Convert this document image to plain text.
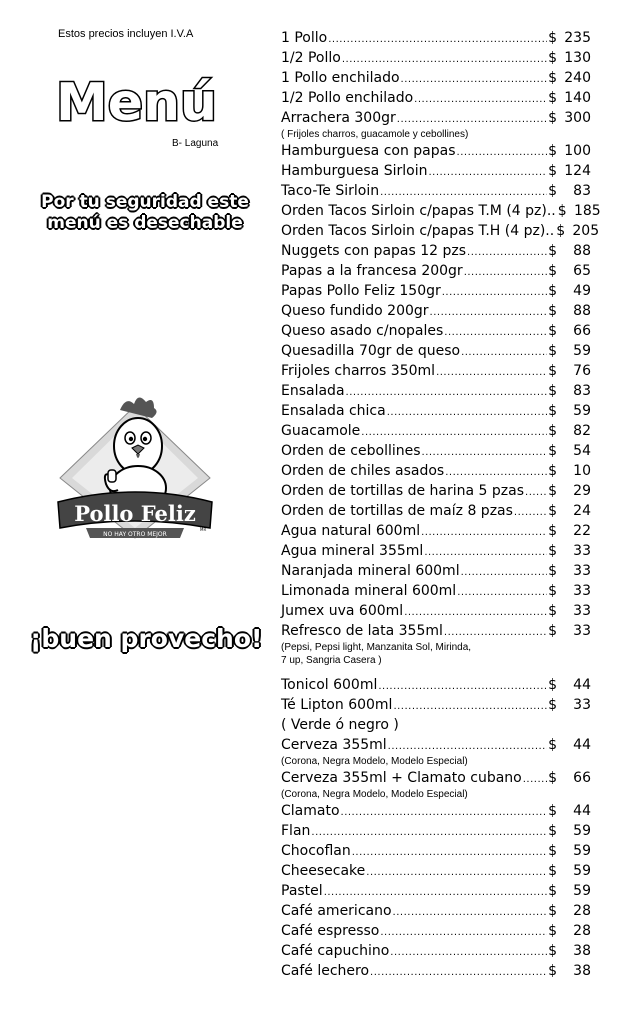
Estos precios incluyen I.V.A
Menú
B- Laguna
Por tu seguridad este
menú es desechable
Pollo Feliz
MR
NO HAY OTRO MEJOR
¡buen provecho!
1 Pollo .....	$ 235
1/2 Pollo .....	$ 130
1 Pollo enchilado .....	$ 240
1/2 Pollo enchilado .....	$ 140
Arrachera 300gr .....	$ 300
( Frijoles charros, guacamole y cebollines)
Hamburguesa con papas .....	$ 100
Hamburguesa Sirloin .....	$ 124
Taco-Te Sirloin .....	$	83
Orden Tacos Sirloin c/papas T.M (4 pz).. $ 185
Orden Tacos Sirloin c/papas T.H (4 pz).. $ 205
Nuggets con papas 12 pzs .....	$	88
Papas a la francesa 200gr .....	$	65
Papas Pollo Feliz 150gr .....	$	49
Queso fundido 200gr .....	$	88
Queso asado c/nopales .....	$	66
Quesadilla 70gr de queso .....	$	59
Frijoles charros 350ml .....	$	76
Ensalada .....	$	83
Ensalada chica .....	$	59
Guacamole .....	$	82
Orden de cebollines .....	$	54
Orden de chiles asados .....	$	10
Orden de tortillas de harina 5 pzas ..... $	29
Orden de tortillas de maíz 8 pzas .....	$	24
Agua natural 600ml .....	$	22
Agua mineral 355ml .....	$	33
Naranjada mineral 600ml .....	$	33
Limonada mineral 600ml .....	$	33
Jumex uva 600ml .....	$	33
Refresco de lata 355ml .....	$	33
(Pepsi, Pepsi light, Manzanita Sol, Mirinda,
7 up, Sangria Casera )
Tonicol 600ml .....	$	44
Té Lipton 600ml .....	$	33
( Verde ó negro )
Cerveza 355ml .....	$	44
(Corona, Negra Modelo, Modelo Especial)
Cerveza 355ml + Clamato cubano ..... $	66
(Corona, Negra Modelo, Modelo Especial)
Clamato .....	$	44
Flan .....	$	59
Chocoflan .....	$	59
Cheesecake .....	$	59
Pastel .....	$	59
Café americano .....	$	28
Café espresso .....	$	28
Café capuchino .....	$	38
Café lechero .....	$	38
